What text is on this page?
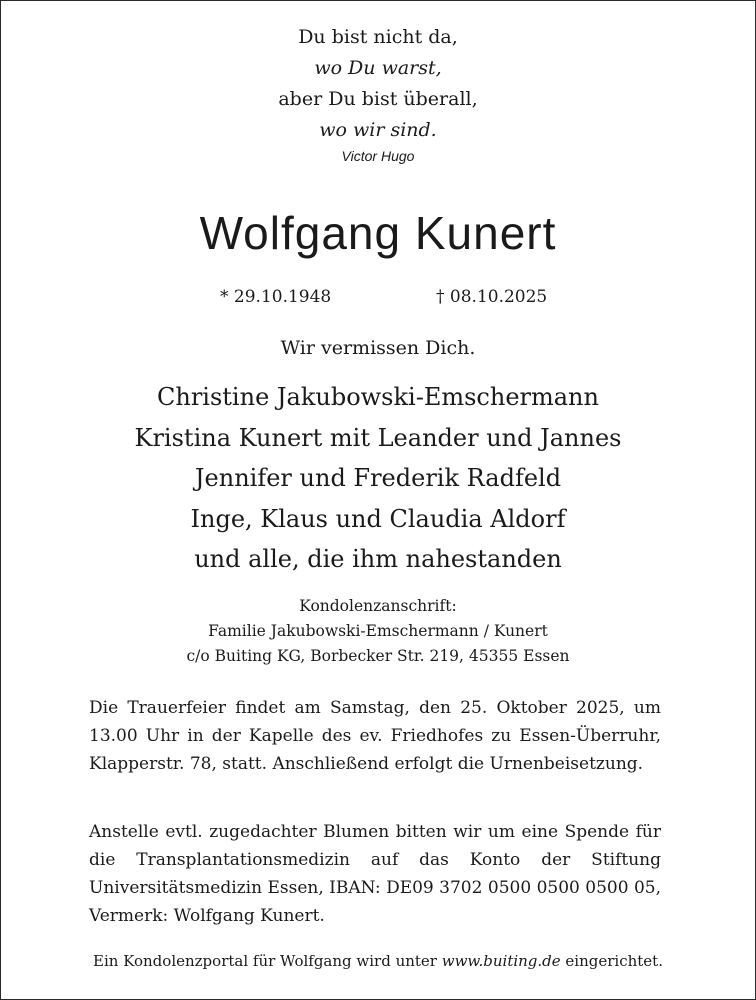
Du bist nicht da,
wo Du warst,
aber Du bist überall,
wo wir sind.
Victor Hugo
Wolfgang Kunert
* 29.10.1948	† 08.10.2025
Wir vermissen Dich.
Christine Jakubowski-Emschermann
Kristina Kunert mit Leander und Jannes
Jennifer und Frederik Radfeld
Inge, Klaus und Claudia Aldorf
und alle, die ihm nahestanden
Kondolenzanschrift:
Familie Jakubowski-Emschermann / Kunert
c/o Buiting KG, Borbecker Str. 219, 45355 Essen
Die Trauerfeier findet am Samstag, den 25. Oktober 2025, um 13.00 Uhr in der Kapelle des ev. Friedhofes zu Essen-Überruhr, Klapperstr. 78, statt. Anschließend erfolgt die Urnenbeisetzung.
Anstelle evtl. zugedachter Blumen bitten wir um eine Spende für die Transplantationsmedizin auf das Konto der Stiftung Universitätsmedizin Essen, IBAN: DE09 3702 0500 0500 0500 05, Vermerk: Wolfgang Kunert.
Ein Kondolenzportal für Wolfgang wird unter www.buiting.de eingerichtet.
